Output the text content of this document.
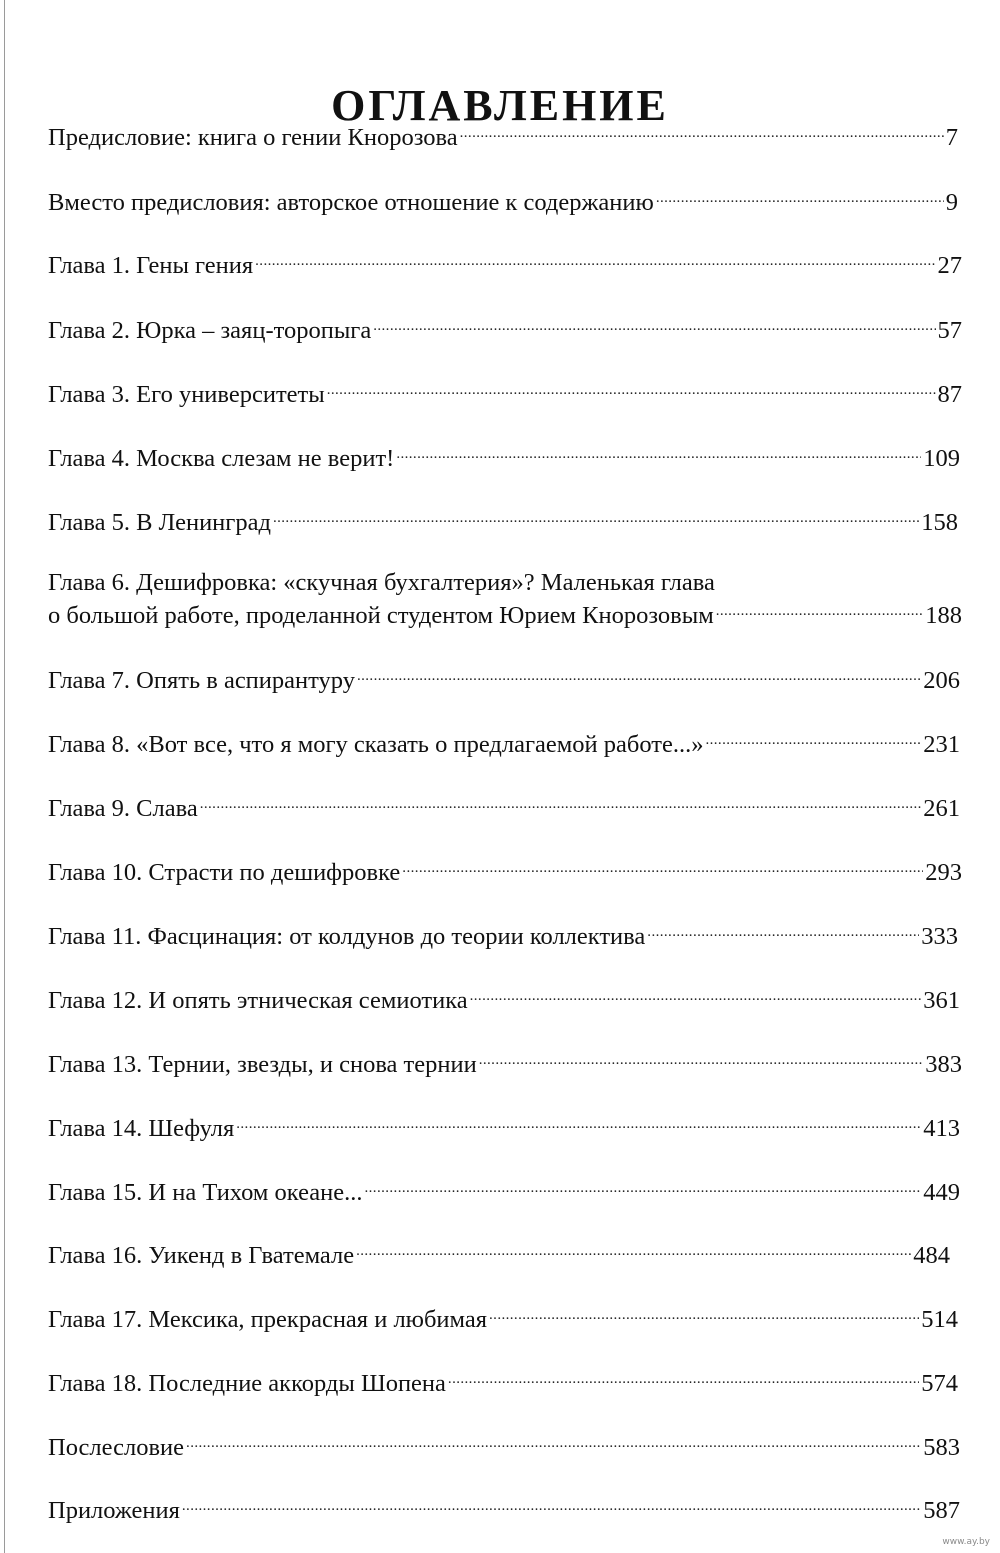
ОГЛАВЛЕНИЕ
Предисловие: книга о гении Кнорозова .....	7
Вместо предисловия: авторское отношение к содержанию .....	9
Глава 1. Гены гения .....	27
Глава 2. Юрка – заяц-торопыга .....	57
Глава 3. Его университеты .....	87
Глава 4. Москва слезам не верит! .....	109
Глава 5. В Ленинград .....	158
Глава 6. Дешифровка: «скучная бухгалтерия»? Маленькая глава
о большой работе, проделанной студентом Юрием Кнорозовым .....	188
Глава 7. Опять в аспирантуру .....	206
Глава 8. «Вот все, что я могу сказать о предлагаемой работе...» .....	231
Глава 9. Слава .....	261
Глава 10. Страсти по дешифровке .....	293
Глава 11. Фасцинация: от колдунов до теории коллектива .....	333
Глава 12. И опять этническая семиотика .....	361
Глава 13. Тернии, звезды, и снова тернии .....	383
Глава 14. Шефуля .....	413
Глава 15. И на Тихом океане... .....	449
Глава 16. Уикенд в Гватемале .....	484
Глава 17. Мексика, прекрасная и любимая .....	514
Глава 18. Последние аккорды Шопена .....	574
Послесловие .....	583
Приложения .....	587
www.ay.by
